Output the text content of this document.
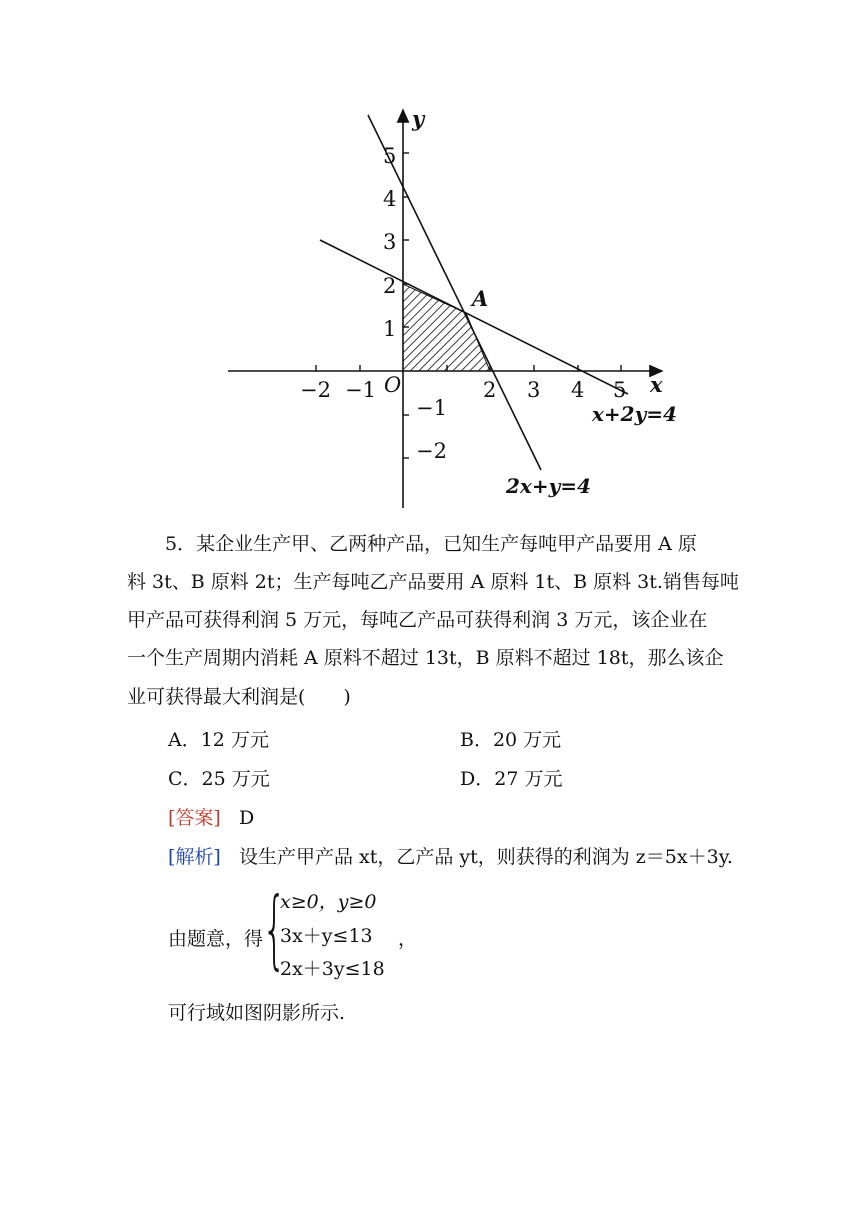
−2 −1	2 3 4 5
5
4
3
2
1
−1
−2
O	x
y
A
x+2y=4
2x+y=4
5．某企业生产甲、乙两种产品，已知生产每吨甲产品要用 A 原
料 3t、B 原料 2t；生产每吨乙产品要用 A 原料 1t、B 原料 3t.销售每吨
甲产品可获得利润 5 万元，每吨乙产品可获得利润 3 万元，该企业在
一个生产周期内消耗 A 原料不超过 13t，B 原料不超过 18t，那么该企
业可获得最大利润是(　　)
A．12 万元	B．20 万元
C．25 万元	D．27 万元
[答案] D
[解析] 设生产甲产品 xt，乙产品 yt，则获得的利润为 z＝5x＋3y.
由题意，得
{
x≥0，y≥0
3x＋y≤13
2x＋3y≤18
，
可行域如图阴影所示.
